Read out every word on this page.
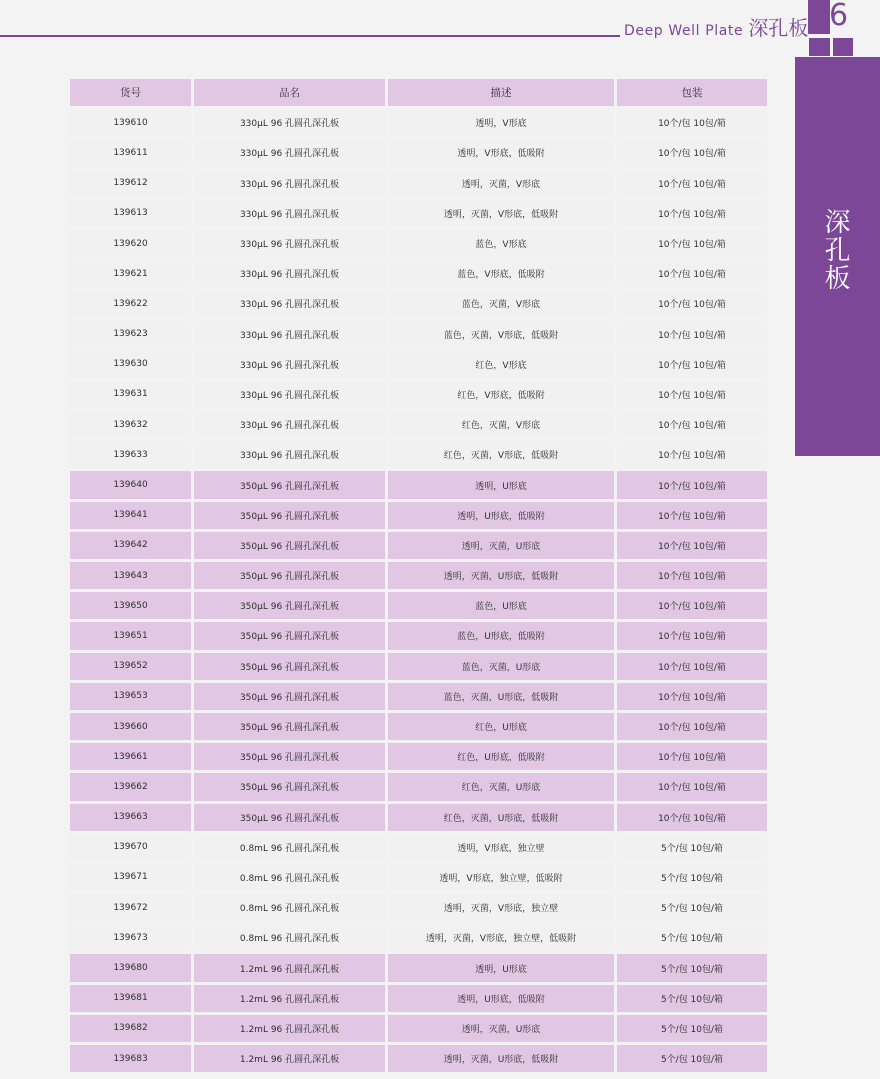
Deep Well Plate 深孔板 6
深
孔
板
货号	品名	描述	包装
139610	330μL 96 孔圆孔深孔板	透明，V形底	10个/包 10包/箱
139611	330μL 96 孔圆孔深孔板	透明，V形底，低吸附	10个/包 10包/箱
139612	330μL 96 孔圆孔深孔板	透明，灭菌，V形底	10个/包 10包/箱
139613	330μL 96 孔圆孔深孔板	透明，灭菌，V形底，低吸附	10个/包 10包/箱
139620	330μL 96 孔圆孔深孔板	蓝色，V形底	10个/包 10包/箱
139621	330μL 96 孔圆孔深孔板	蓝色，V形底，低吸附	10个/包 10包/箱
139622	330μL 96 孔圆孔深孔板	蓝色，灭菌，V形底	10个/包 10包/箱
139623	330μL 96 孔圆孔深孔板	蓝色，灭菌，V形底，低吸附	10个/包 10包/箱
139630	330μL 96 孔圆孔深孔板	红色，V形底	10个/包 10包/箱
139631	330μL 96 孔圆孔深孔板	红色，V形底，低吸附	10个/包 10包/箱
139632	330μL 96 孔圆孔深孔板	红色，灭菌，V形底	10个/包 10包/箱
139633	330μL 96 孔圆孔深孔板	红色，灭菌，V形底，低吸附	10个/包 10包/箱
139640	350μL 96 孔圆孔深孔板	透明，U形底	10个/包 10包/箱
139641	350μL 96 孔圆孔深孔板	透明，U形底，低吸附	10个/包 10包/箱
139642	350μL 96 孔圆孔深孔板	透明，灭菌，U形底	10个/包 10包/箱
139643	350μL 96 孔圆孔深孔板	透明，灭菌，U形底，低吸附	10个/包 10包/箱
139650	350μL 96 孔圆孔深孔板	蓝色，U形底	10个/包 10包/箱
139651	350μL 96 孔圆孔深孔板	蓝色，U形底，低吸附	10个/包 10包/箱
139652	350μL 96 孔圆孔深孔板	蓝色，灭菌，U形底	10个/包 10包/箱
139653	350μL 96 孔圆孔深孔板	蓝色，灭菌，U形底，低吸附	10个/包 10包/箱
139660	350μL 96 孔圆孔深孔板	红色，U形底	10个/包 10包/箱
139661	350μL 96 孔圆孔深孔板	红色，U形底，低吸附	10个/包 10包/箱
139662	350μL 96 孔圆孔深孔板	红色，灭菌，U形底	10个/包 10包/箱
139663	350μL 96 孔圆孔深孔板	红色，灭菌，U形底，低吸附	10个/包 10包/箱
139670	0.8mL 96 孔圆孔深孔板	透明，V形底，独立壁	5个/包 10包/箱
139671	0.8mL 96 孔圆孔深孔板	透明，V形底，独立壁，低吸附	5个/包 10包/箱
139672	0.8mL 96 孔圆孔深孔板	透明，灭菌，V形底，独立壁	5个/包 10包/箱
139673	0.8mL 96 孔圆孔深孔板	透明，灭菌，V形底，独立壁，低吸附	5个/包 10包/箱
139680	1.2mL 96 孔圆孔深孔板	透明，U形底	5个/包 10包/箱
139681	1.2mL 96 孔圆孔深孔板	透明，U形底，低吸附	5个/包 10包/箱
139682	1.2mL 96 孔圆孔深孔板	透明，灭菌，U形底	5个/包 10包/箱
139683	1.2mL 96 孔圆孔深孔板	透明，灭菌，U形底，低吸附	5个/包 10包/箱
